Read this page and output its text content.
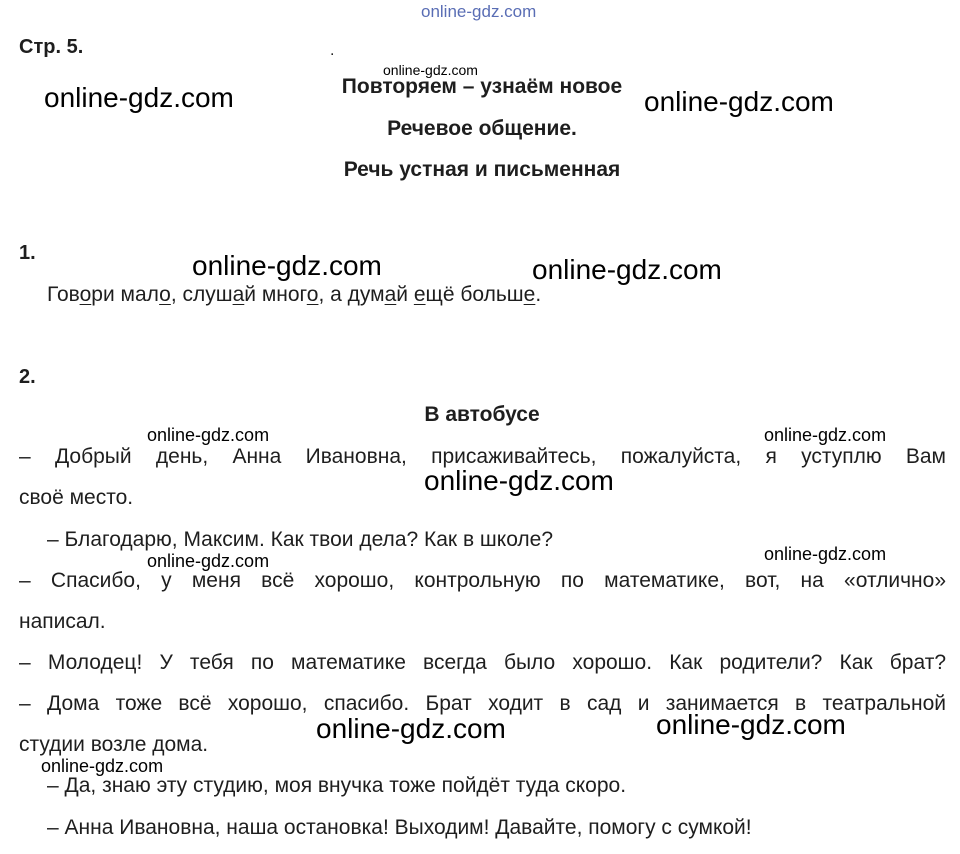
online-gdz.com
Стр. 5.	.
online-gdz.com
online-gdz.com	online-gdz.com
Повторяем – узнаём новое
Речевое общение.
Речь устная и письменная
1.	online-gdz.com	online-gdz.com
Говори мало, слушай много, а думай ещё больше.
2.
В автобусе
online-gdz.com	online-gdz.com
– Добрый день, Анна Ивановна, присаживайтесь, пожалуйста, я уступлю Вам
своё место.
online-gdz.com
– Благодарю, Максим. Как твои дела? Как в школе?
online-gdz.com	online-gdz.com
– Спасибо, у меня всё хорошо, контрольную по математике, вот, на «отлично»
написал.
– Молодец! У тебя по математике всегда было хорошо. Как родители? Как брат?
– Дома тоже всё хорошо, спасибо. Брат ходит в сад и занимается в театральной
студии возле дома.
online-gdz.com	online-gdz.com
online-gdz.com
– Да, знаю эту студию, моя внучка тоже пойдёт туда скоро.
– Анна Ивановна, наша остановка! Выходим! Давайте, помогу с сумкой!
